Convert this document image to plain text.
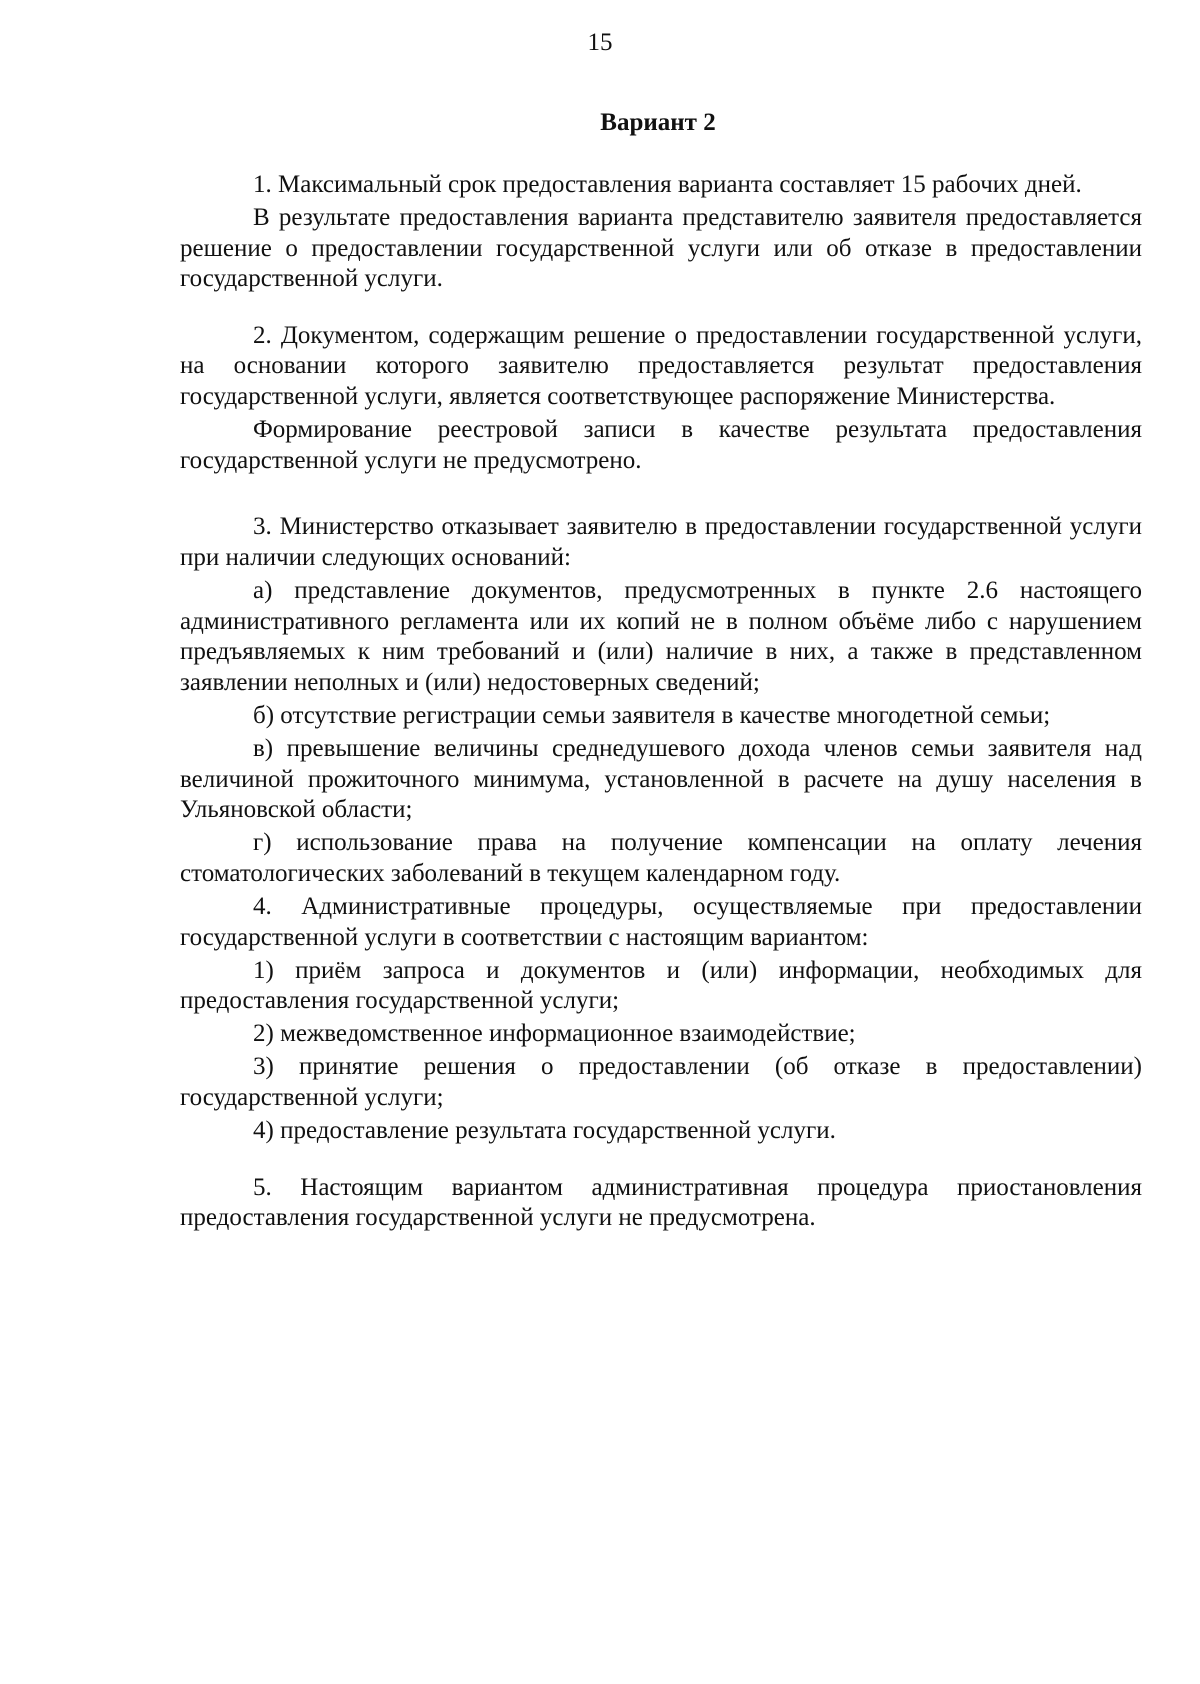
15
Вариант 2

1. Максимальный срок предоставления варианта составляет 15 рабочих дней.

В результате предоставления варианта представителю заявителя предоставляется решение о предоставлении государственной услуги или об отказе в предоставлении государственной услуги.

2. Документом, содержащим решение о предоставлении государственной услуги, на основании которого заявителю предоставляется результат предоставления государственной услуги, является соответствующее распоряжение Министерства.

Формирование реестровой записи в качестве результата предоставления государственной услуги не предусмотрено.

3. Министерство отказывает заявителю в предоставлении государственной услуги при наличии следующих оснований:

а) представление документов, предусмотренных в пункте 2.6 настоящего административного регламента или их копий не в полном объёме либо с нарушением предъявляемых к ним требований и (или) наличие в них, а также в представленном заявлении неполных и (или) недостоверных сведений;

б) отсутствие регистрации семьи заявителя в качестве многодетной семьи;

в) превышение величины среднедушевого дохода членов семьи заявителя над величиной прожиточного минимума, установленной в расчете на душу населения в Ульяновской области;

г) использование права на получение компенсации на оплату лечения стоматологических заболеваний в текущем календарном году.

4. Административные процедуры, осуществляемые при предоставлении государственной услуги в соответствии с настоящим вариантом:

1) приём запроса и документов и (или) информации, необходимых для предоставления государственной услуги;

2) межведомственное информационное взаимодействие;

3) принятие решения о предоставлении (об отказе в предоставлении) государственной услуги;

4) предоставление результата государственной услуги.

5. Настоящим вариантом административная процедура приостановления предоставления государственной услуги не предусмотрена.
